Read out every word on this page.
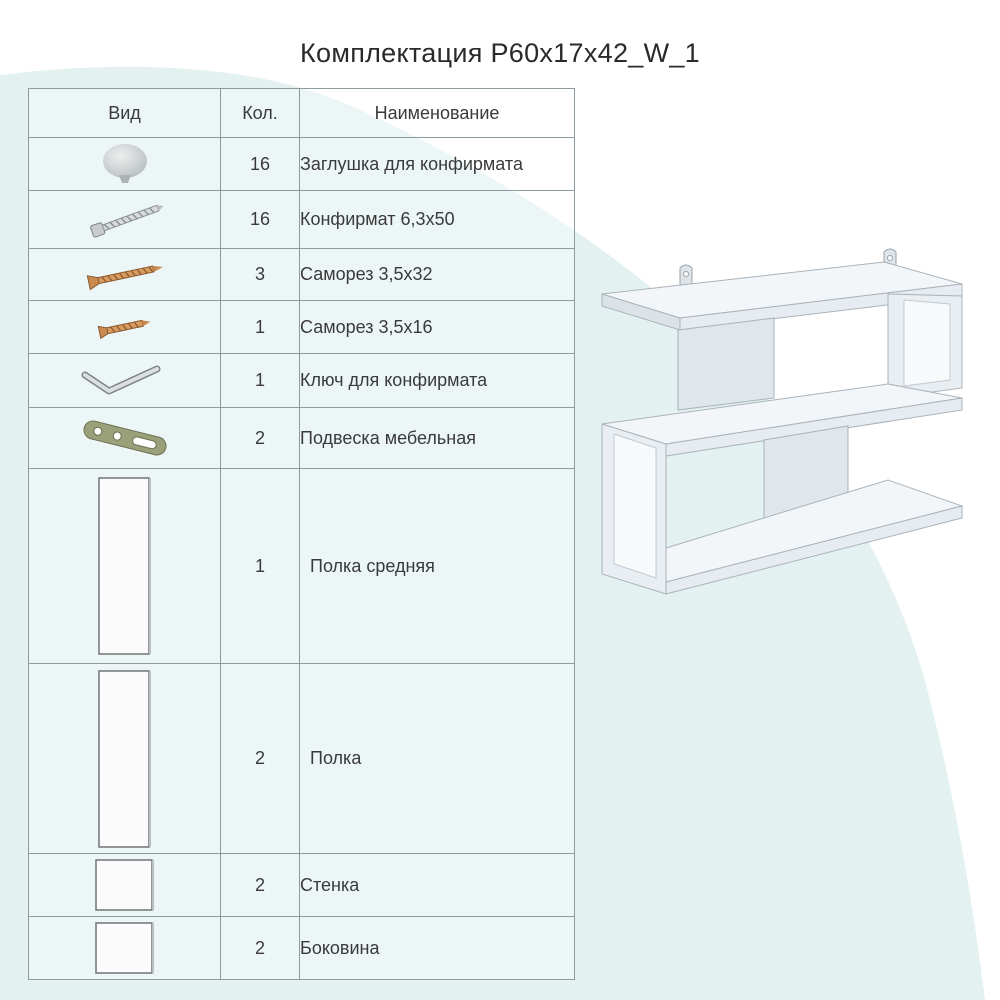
Комплектация P60x17x42_W_1
Вид	Кол.	Наименование

	16	Заглушка для конфирмата

	16	Конфирмат 6,3х50

	3	Саморез 3,5х32

	1	Саморез 3,5х16

	1	Ключ для конфирмата

	2	Подвеска мебельная

	1	Полка средняя

	2	Полка

	2	Стенка

	2	Боковина
